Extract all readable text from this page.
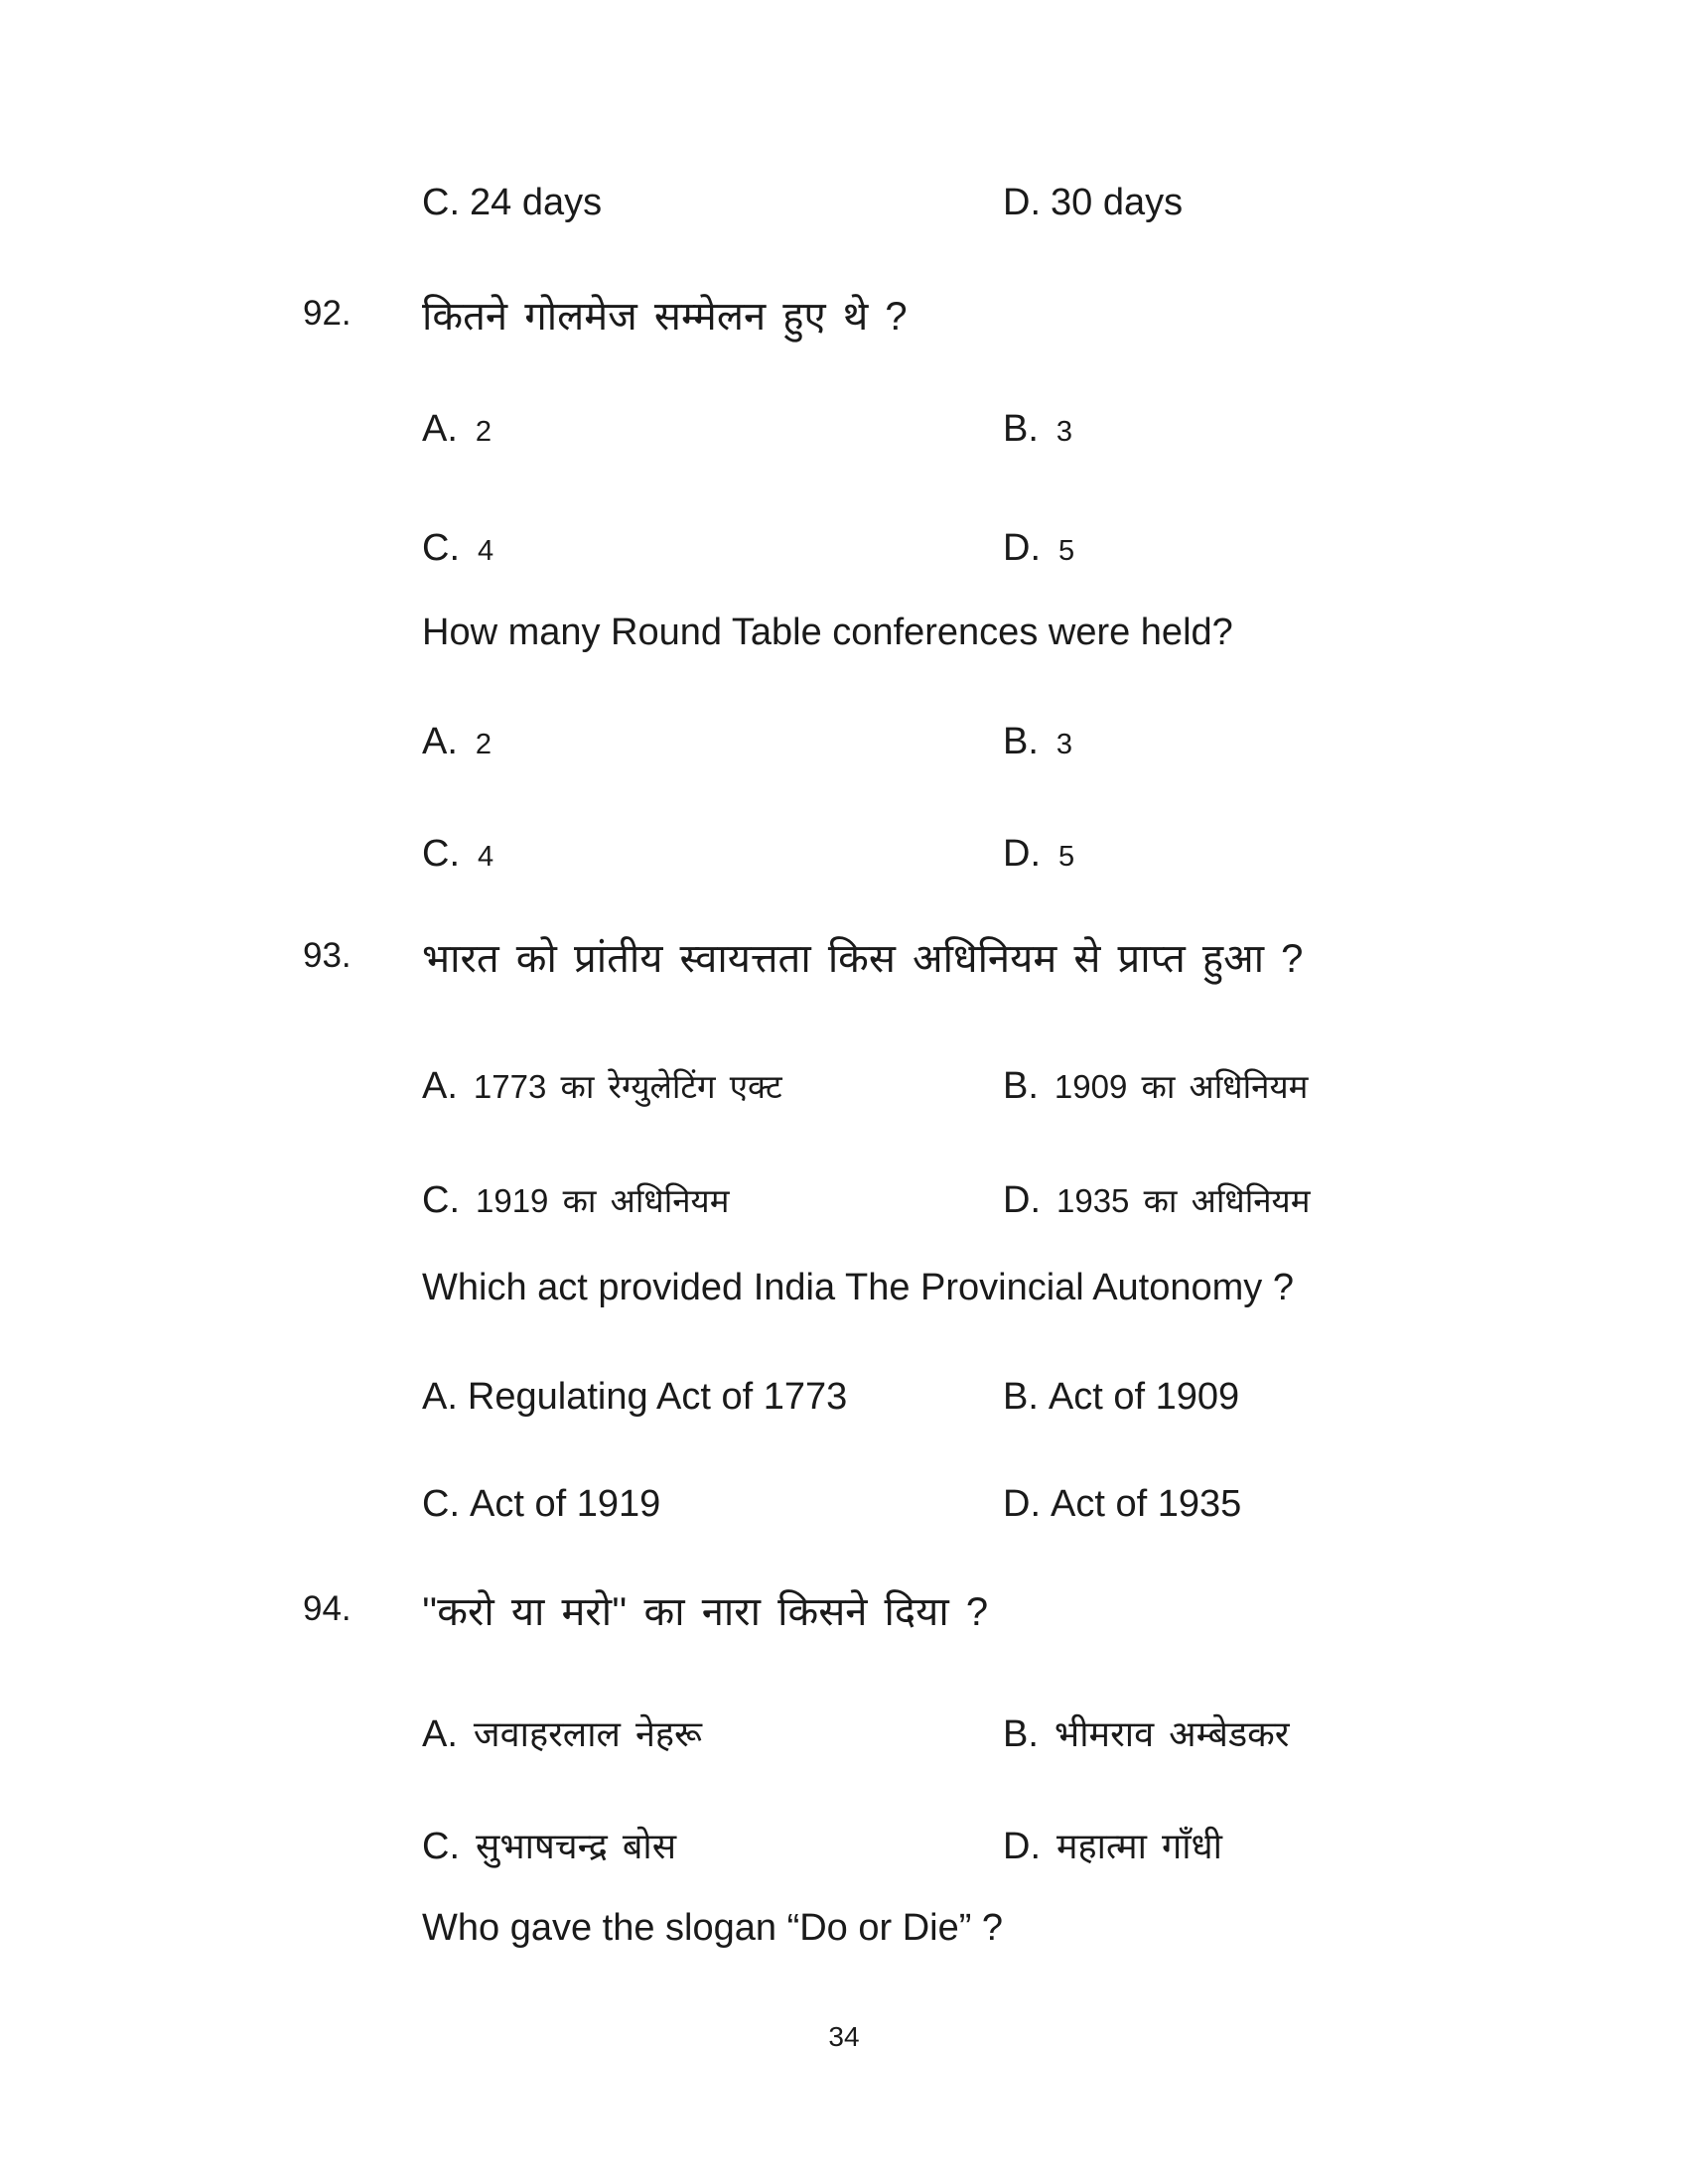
C. 24 days	D. 30 days
92. कितने गोलमेज सम्मेलन हुए थे ?
A. 2	B. 3
C. 4	D. 5
How many Round Table conferences were held?
A. 2	B. 3
C. 4	D. 5
93. भारत को प्रांतीय स्वायत्तता किस अधिनियम से प्राप्त हुआ ?
A. 1773 का रेग्युलेटिंग एक्ट	B. 1909 का अधिनियम
C. 1919 का अधिनियम	D. 1935 का अधिनियम
Which act provided India The Provincial Autonomy ?
A. Regulating Act of 1773	B. Act of 1909
C. Act of 1919	D. Act of 1935
94. ''करो या मरो'' का नारा किसने दिया ?
A. जवाहरलाल नेहरू	B. भीमराव अम्बेडकर
C. सुभाषचन्द्र बोस	D. महात्मा गाँधी
Who gave the slogan “Do or Die” ?
34
